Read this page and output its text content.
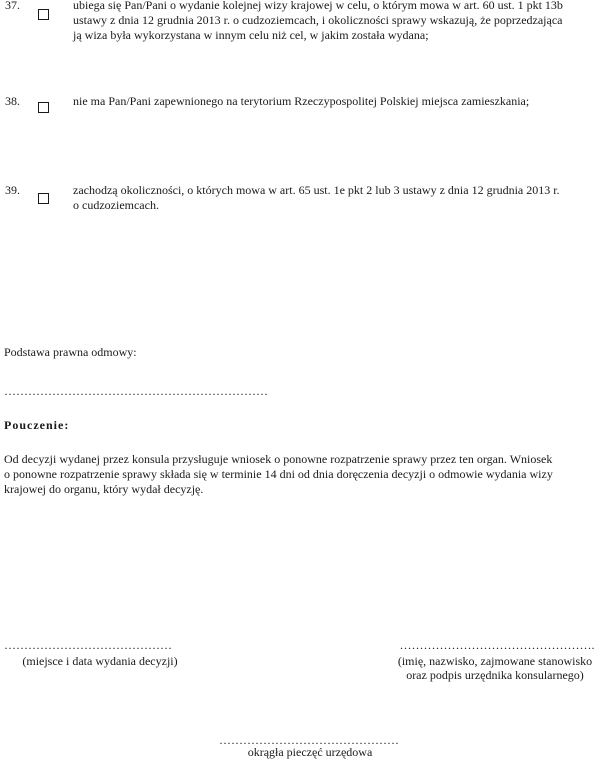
37.	ubiega się Pan/Pani o wydanie kolejnej wizy krajowej w celu, o którym mowa w art. 60 ust. 1 pkt 13b

ustawy z dnia 12 grudnia 2013 r. o cudzoziemcach, i okoliczności sprawy wskazują, że poprzedzająca

ją wiza była wykorzystana w innym celu niż cel, w jakim została wydana;

38.	nie ma Pan/Pani zapewnionego na terytorium Rzeczypospolitej Polskiej miejsca zamieszkania;

39.	zachodzą okoliczności, o których mowa w art. 65 ust. 1e pkt 2 lub 3 ustawy z dnia 12 grudnia 2013 r.

o cudzoziemcach.

Podstawa prawna odmowy:
…………………………………………………………
Pouczenie:
Od decyzji wydanej przez konsula przysługuje wniosek o ponowne rozpatrzenie sprawy przez ten organ. Wniosek
o ponowne rozpatrzenie sprawy składa się w terminie 14 dni od dnia doręczenia decyzji o odmowie wydania wizy
krajowej do organu, który wydał decyzję.
……………………………………
(miejsce i data wydania decyzji)
………………………………………….
(imię, nazwisko, zajmowane stanowisko
oraz podpis urzędnika konsularnego)
………………………………………
okrągła pieczęć urzędowa
